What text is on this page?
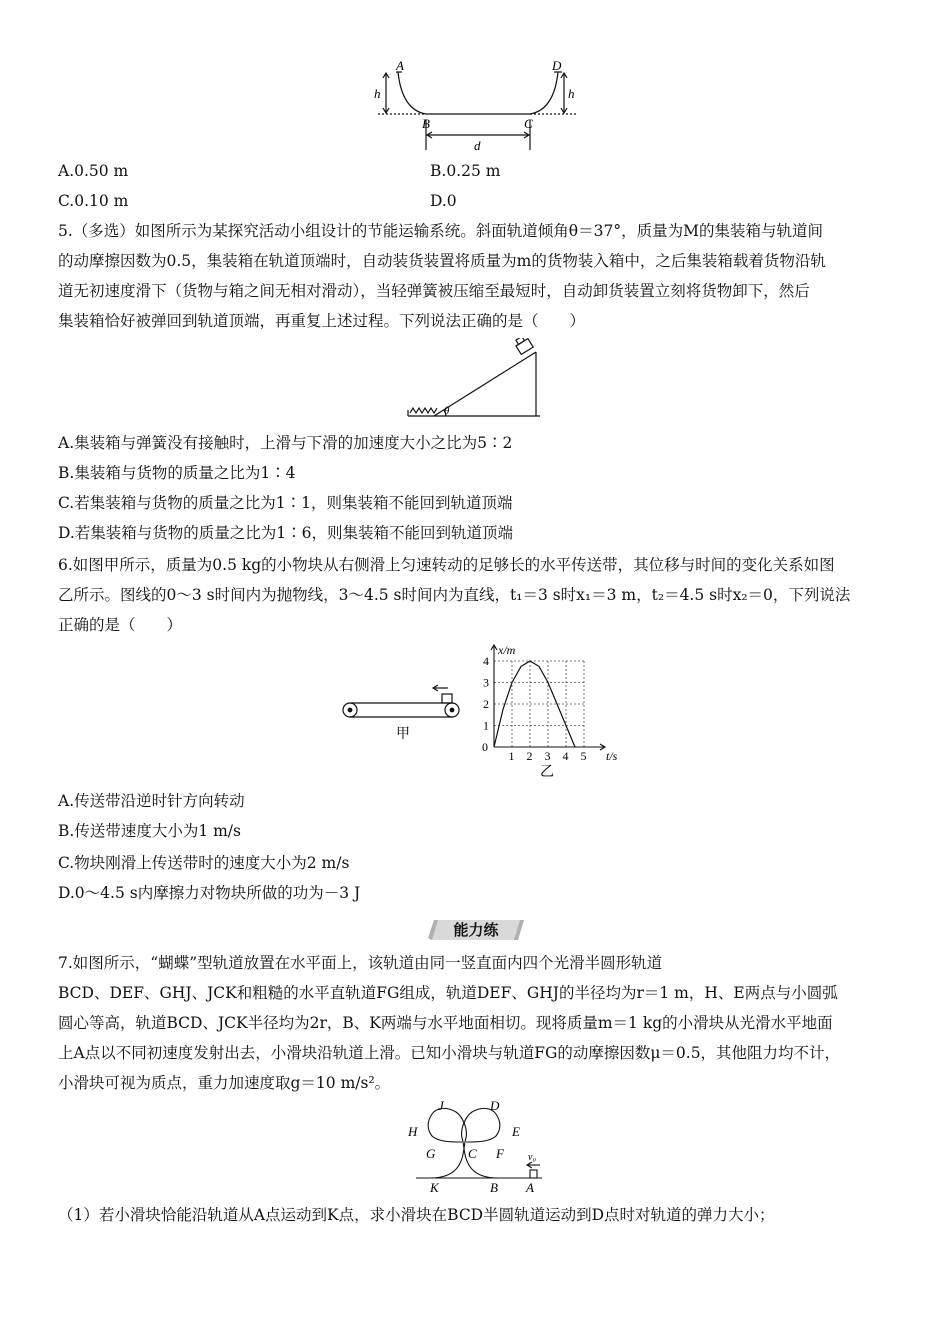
A	D
h	h
B	C
d
A.0.50 m	B.0.25 m
C.0.10 m	D.0
5.（多选）如图所示为某探究活动小组设计的节能运输系统。斜面轨道倾角θ＝37°，质量为M的集装箱与轨道间
的动摩擦因数为0.5，集装箱在轨道顶端时，自动装货装置将质量为m的货物装入箱中，之后集装箱载着货物沿轨
道无初速度滑下（货物与箱之间无相对滑动），当轻弹簧被压缩至最短时，自动卸货装置立刻将货物卸下，然后
集装箱恰好被弹回到轨道顶端，再重复上述过程。下列说法正确的是（　　）
θ
A.集装箱与弹簧没有接触时，上滑与下滑的加速度大小之比为5∶2
B.集装箱与货物的质量之比为1∶4
C.若集装箱与货物的质量之比为1∶1，则集装箱不能回到轨道顶端
D.若集装箱与货物的质量之比为1∶6，则集装箱不能回到轨道顶端
6.如图甲所示，质量为0.5 kg的小物块从右侧滑上匀速转动的足够长的水平传送带，其位移与时间的变化关系如图
乙所示。图线的0～3 s时间内为抛物线，3～4.5 s时间内为直线，t₁＝3 s时x₁＝3 m，t₂＝4.5 s时x₂＝0，下列说法
正确的是（　　）
甲
0
1 2 3 4 5
1
2
3
4
t/s
x/m
乙
A.传送带沿逆时针方向转动
B.传送带速度大小为1 m/s
C.物块刚滑上传送带时的速度大小为2 m/s
D.0～4.5 s内摩擦力对物块所做的功为－3 J
能力练
7.如图所示，“蝴蝶”型轨道放置在水平面上，该轨道由同一竖直面内四个光滑半圆形轨道
BCD、DEF、GHJ、JCK和粗糙的水平直轨道FG组成，轨道DEF、GHJ的半径均为r＝1 m，H、E两点与小圆弧
圆心等高，轨道BCD、JCK半径均为2r，B、K两端与水平地面相切。现将质量m＝1 kg的小滑块从光滑水平地面
上A点以不同初速度发射出去，小滑块沿轨道上滑。已知小滑块与轨道FG的动摩擦因数μ＝0.5，其他阻力均不计，
小滑块可视为质点，重力加速度取g＝10 m/s²。
J	D
H	E
G	C F
K	B A
v₀
（1）若小滑块恰能沿轨道从A点运动到K点，求小滑块在BCD半圆轨道运动到D点时对轨道的弹力大小；
